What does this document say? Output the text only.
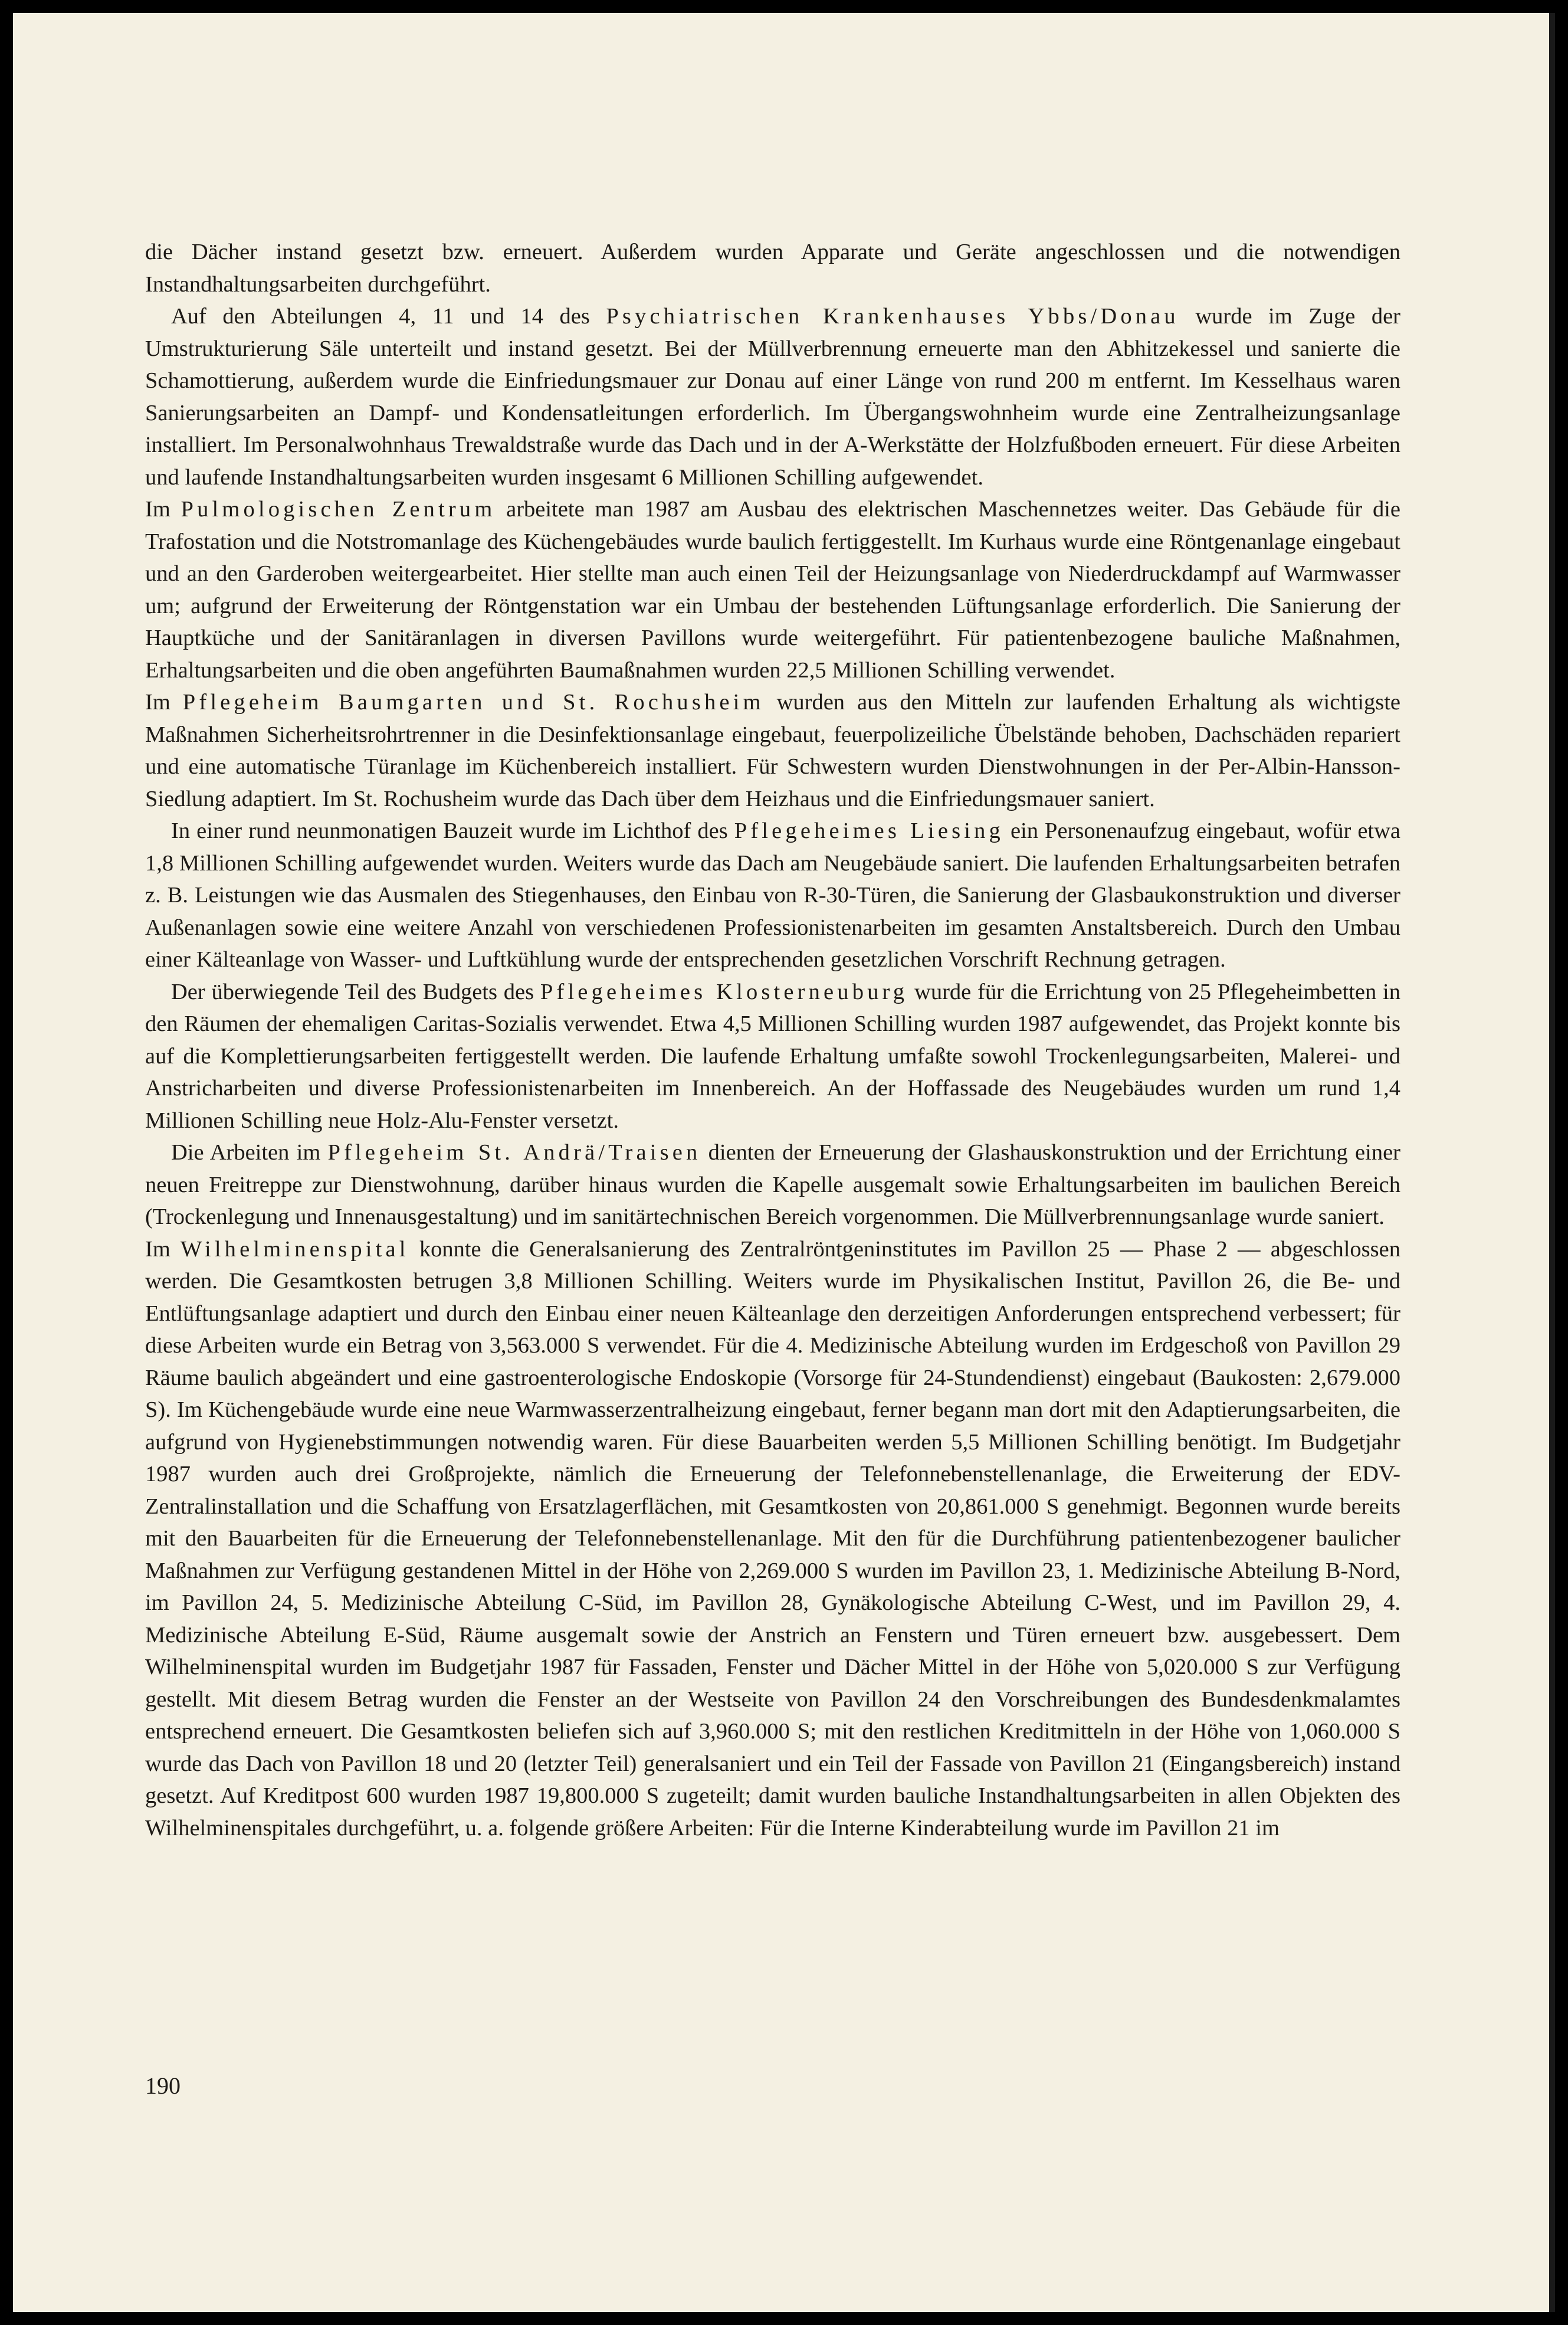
die Dächer instand gesetzt bzw. erneuert. Außerdem wurden Apparate und Geräte angeschlossen und die notwendigen Instandhaltungsarbeiten durchgeführt.

Auf den Abteilungen 4, 11 und 14 des Psychiatrischen Krankenhauses Ybbs/Donau wurde im Zuge der Umstrukturierung Säle unterteilt und instand gesetzt. Bei der Müllverbrennung erneuerte man den Abhitzekessel und sanierte die Schamottierung, außerdem wurde die Einfriedungsmauer zur Donau auf einer Länge von rund 200 m entfernt. Im Kesselhaus waren Sanierungsarbeiten an Dampf- und Kondensatleitungen erforderlich. Im Übergangswohnheim wurde eine Zentralheizungsanlage installiert. Im Personalwohnhaus Trewaldstraße wurde das Dach und in der A-Werkstätte der Holzfußboden erneuert. Für diese Arbeiten und laufende Instandhaltungsarbeiten wurden insgesamt 6 Millionen Schilling aufgewendet.

Im Pulmologischen Zentrum arbeitete man 1987 am Ausbau des elektrischen Maschennetzes weiter. Das Gebäude für die Trafostation und die Notstromanlage des Küchengebäudes wurde baulich fertiggestellt. Im Kurhaus wurde eine Röntgenanlage eingebaut und an den Garderoben weitergearbeitet. Hier stellte man auch einen Teil der Heizungsanlage von Niederdruckdampf auf Warmwasser um; aufgrund der Erweiterung der Röntgenstation war ein Umbau der bestehenden Lüftungsanlage erforderlich. Die Sanierung der Hauptküche und der Sanitäranlagen in diversen Pavillons wurde weitergeführt. Für patientenbezogene bauliche Maßnahmen, Erhaltungsarbeiten und die oben angeführten Baumaßnahmen wurden 22,5 Millionen Schilling verwendet.

Im Pflegeheim Baumgarten und St. Rochusheim wurden aus den Mitteln zur laufenden Erhaltung als wichtigste Maßnahmen Sicherheitsrohrtrenner in die Desinfektionsanlage eingebaut, feuerpolizeiliche Übelstände behoben, Dachschäden repariert und eine automatische Türanlage im Küchenbereich installiert. Für Schwestern wurden Dienstwohnungen in der Per-Albin-Hansson-Siedlung adaptiert. Im St. Rochusheim wurde das Dach über dem Heizhaus und die Einfriedungsmauer saniert.

In einer rund neunmonatigen Bauzeit wurde im Lichthof des Pflegeheimes Liesing ein Personenaufzug eingebaut, wofür etwa 1,8 Millionen Schilling aufgewendet wurden. Weiters wurde das Dach am Neugebäude saniert. Die laufenden Erhaltungsarbeiten betrafen z. B. Leistungen wie das Ausmalen des Stiegenhauses, den Einbau von R-30-Türen, die Sanierung der Glasbaukonstruktion und diverser Außenanlagen sowie eine weitere Anzahl von verschiedenen Professionistenarbeiten im gesamten Anstaltsbereich. Durch den Umbau einer Kälteanlage von Wasser- und Luftkühlung wurde der entsprechenden gesetzlichen Vorschrift Rechnung getragen.

Der überwiegende Teil des Budgets des Pflegeheimes Klosterneuburg wurde für die Errichtung von 25 Pflegeheimbetten in den Räumen der ehemaligen Caritas-Sozialis verwendet. Etwa 4,5 Millionen Schilling wurden 1987 aufgewendet, das Projekt konnte bis auf die Komplettierungsarbeiten fertiggestellt werden. Die laufende Erhaltung umfaßte sowohl Trockenlegungsarbeiten, Malerei- und Anstricharbeiten und diverse Professionistenarbeiten im Innenbereich. An der Hoffassade des Neugebäudes wurden um rund 1,4 Millionen Schilling neue Holz-Alu-Fenster versetzt.

Die Arbeiten im Pflegeheim St. Andrä/Traisen dienten der Erneuerung der Glashauskonstruktion und der Errichtung einer neuen Freitreppe zur Dienstwohnung, darüber hinaus wurden die Kapelle ausgemalt sowie Erhaltungsarbeiten im baulichen Bereich (Trockenlegung und Innenausgestaltung) und im sanitärtechnischen Bereich vorgenommen. Die Müllverbrennungsanlage wurde saniert.

Im Wilhelminenspital konnte die Generalsanierung des Zentralröntgeninstitutes im Pavillon 25 — Phase 2 — abgeschlossen werden. Die Gesamtkosten betrugen 3,8 Millionen Schilling. Weiters wurde im Physikalischen Institut, Pavillon 26, die Be- und Entlüftungsanlage adaptiert und durch den Einbau einer neuen Kälteanlage den derzeitigen Anforderungen entsprechend verbessert; für diese Arbeiten wurde ein Betrag von 3,563.000 S verwendet. Für die 4. Medizinische Abteilung wurden im Erdgeschoß von Pavillon 29 Räume baulich abgeändert und eine gastroenterologische Endoskopie (Vorsorge für 24-Stundendienst) eingebaut (Baukosten: 2,679.000 S). Im Küchengebäude wurde eine neue Warmwasserzentralheizung eingebaut, ferner begann man dort mit den Adaptierungsarbeiten, die aufgrund von Hygienebstimmungen notwendig waren. Für diese Bauarbeiten werden 5,5 Millionen Schilling benötigt. Im Budgetjahr 1987 wurden auch drei Großprojekte, nämlich die Erneuerung der Telefonnebenstellenanlage, die Erweiterung der EDV-Zentralinstallation und die Schaffung von Ersatzlagerflächen, mit Gesamtkosten von 20,861.000 S genehmigt. Begonnen wurde bereits mit den Bauarbeiten für die Erneuerung der Telefonnebenstellenanlage. Mit den für die Durchführung patientenbezogener baulicher Maßnahmen zur Verfügung gestandenen Mittel in der Höhe von 2,269.000 S wurden im Pavillon 23, 1. Medizinische Abteilung B-Nord, im Pavillon 24, 5. Medizinische Abteilung C-Süd, im Pavillon 28, Gynäkologische Abteilung C-West, und im Pavillon 29, 4. Medizinische Abteilung E-Süd, Räume ausgemalt sowie der Anstrich an Fenstern und Türen erneuert bzw. ausgebessert. Dem Wilhelminenspital wurden im Budgetjahr 1987 für Fassaden, Fenster und Dächer Mittel in der Höhe von 5,020.000 S zur Verfügung gestellt. Mit diesem Betrag wurden die Fenster an der Westseite von Pavillon 24 den Vorschreibungen des Bundesdenkmalamtes entsprechend erneuert. Die Gesamtkosten beliefen sich auf 3,960.000 S; mit den restlichen Kreditmitteln in der Höhe von 1,060.000 S wurde das Dach von Pavillon 18 und 20 (letzter Teil) generalsaniert und ein Teil der Fassade von Pavillon 21 (Eingangsbereich) instand gesetzt. Auf Kreditpost 600 wurden 1987 19,800.000 S zugeteilt; damit wurden bauliche Instandhaltungsarbeiten in allen Objekten des Wilhelminenspitales durchgeführt, u. a. folgende größere Arbeiten: Für die Interne Kinderabteilung wurde im Pavillon 21 im

190
